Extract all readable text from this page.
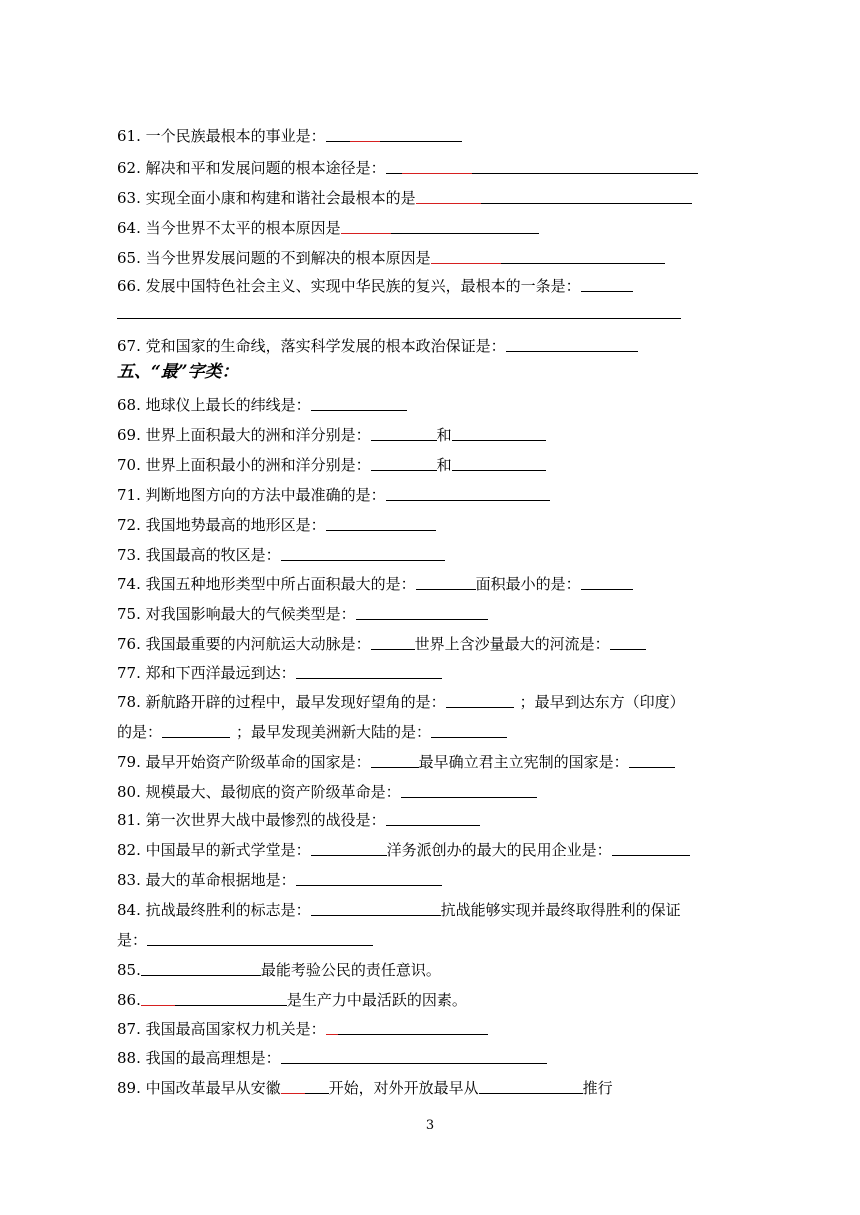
61. 一个民族最根本的事业是：
62. 解决和平和发展问题的根本途径是：
63. 实现全面小康和构建和谐社会最根本的是
64. 当今世界不太平的根本原因是
65. 当今世界发展问题的不到解决的根本原因是
66. 发展中国特色社会主义、实现中华民族的复兴，最根本的一条是：
67. 党和国家的生命线，落实科学发展的根本政治保证是：
五、“最”字类：
68. 地球仪上最长的纬线是：
69. 世界上面积最大的洲和洋分别是：	和
70. 世界上面积最小的洲和洋分别是：	和
71. 判断地图方向的方法中最准确的是：
72. 我国地势最高的地形区是：
73. 我国最高的牧区是：
74. 我国五种地形类型中所占面积最大的是：	面积最小的是：
75. 对我国影响最大的气候类型是：
76. 我国最重要的内河航运大动脉是：	世界上含沙量最大的河流是：
77. 郑和下西洋最远到达：
78. 新航路开辟的过程中，最早发现好望角的是：	；最早到达东方（印度）
的是：	；最早发现美洲新大陆的是：
79. 最早开始资产阶级革命的国家是：	最早确立君主立宪制的国家是：
80. 规模最大、最彻底的资产阶级革命是：
81. 第一次世界大战中最惨烈的战役是：
82. 中国最早的新式学堂是：	洋务派创办的最大的民用企业是：
83. 最大的革命根据地是：
84. 抗战最终胜利的标志是：	抗战能够实现并最终取得胜利的保证
是：
85.	最能考验公民的责任意识。
86.	是生产力中最活跃的因素。
87. 我国最高国家权力机关是：
88. 我国的最高理想是：
89. 中国改革最早从安徽	开始，对外开放最早从	推行
3
